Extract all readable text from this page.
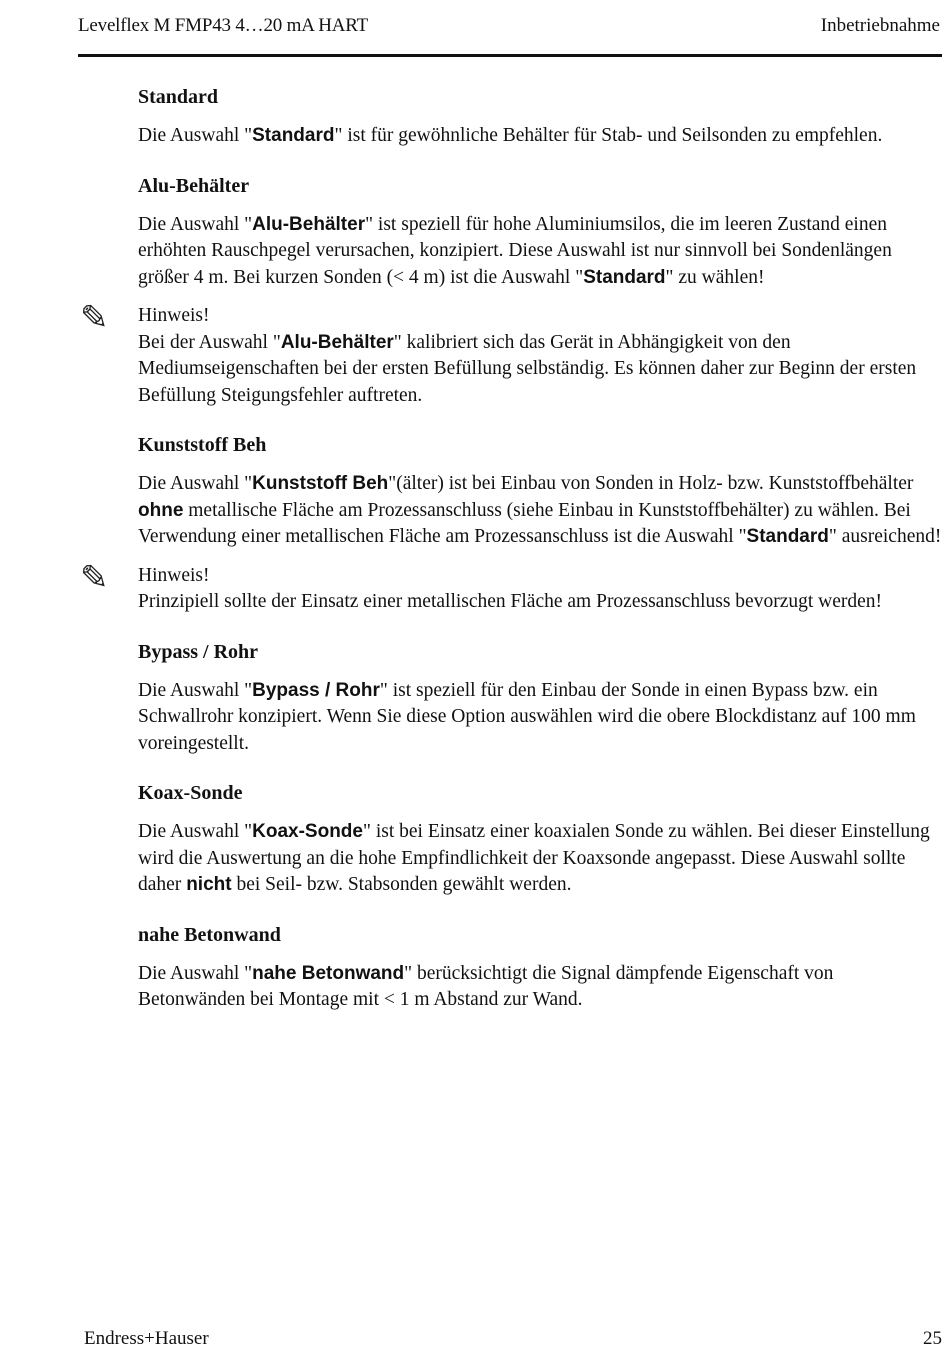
Levelflex M FMP43 4…20 mA HART	Inbetriebnahme
Standard

Die Auswahl "Standard" ist für gewöhnliche Behälter für Stab- und Seilsonden zu empfehlen.

Alu-Behälter

Die Auswahl "Alu-Behälter" ist speziell für hohe Aluminiumsilos, die im leeren Zustand einen erhöhten Rauschpegel verursachen, konzipiert. Diese Auswahl ist nur sinnvoll bei Sondenlängen größer 4 m. Bei kurzen Sonden (< 4 m) ist die Auswahl "Standard" zu wählen!

✎ Hinweis!

Bei der Auswahl "Alu-Behälter" kalibriert sich das Gerät in Abhängigkeit von den Mediumseigenschaften bei der ersten Befüllung selbständig. Es können daher zur Beginn der ersten Befüllung Steigungsfehler auftreten.

Kunststoff Beh

Die Auswahl "Kunststoff Beh"(älter) ist bei Einbau von Sonden in Holz- bzw. Kunststoffbehälter ohne metallische Fläche am Prozessanschluss (siehe Einbau in Kunststoffbehälter) zu wählen. Bei Verwendung einer metallischen Fläche am Prozessanschluss ist die Auswahl "Standard" ausreichend!

✎ Hinweis!

Prinzipiell sollte der Einsatz einer metallischen Fläche am Prozessanschluss bevorzugt werden!

Bypass / Rohr

Die Auswahl "Bypass / Rohr" ist speziell für den Einbau der Sonde in einen Bypass bzw. ein Schwallrohr konzipiert. Wenn Sie diese Option auswählen wird die obere Blockdistanz auf 100 mm voreingestellt.

Koax-Sonde

Die Auswahl "Koax-Sonde" ist bei Einsatz einer koaxialen Sonde zu wählen. Bei dieser Einstellung wird die Auswertung an die hohe Empfindlichkeit der Koaxsonde angepasst. Diese Auswahl sollte daher nicht bei Seil- bzw. Stabsonden gewählt werden.

nahe Betonwand

Die Auswahl "nahe Betonwand" berücksichtigt die Signal dämpfende Eigenschaft von Betonwänden bei Montage mit < 1 m Abstand zur Wand.

Endress+Hauser	25
